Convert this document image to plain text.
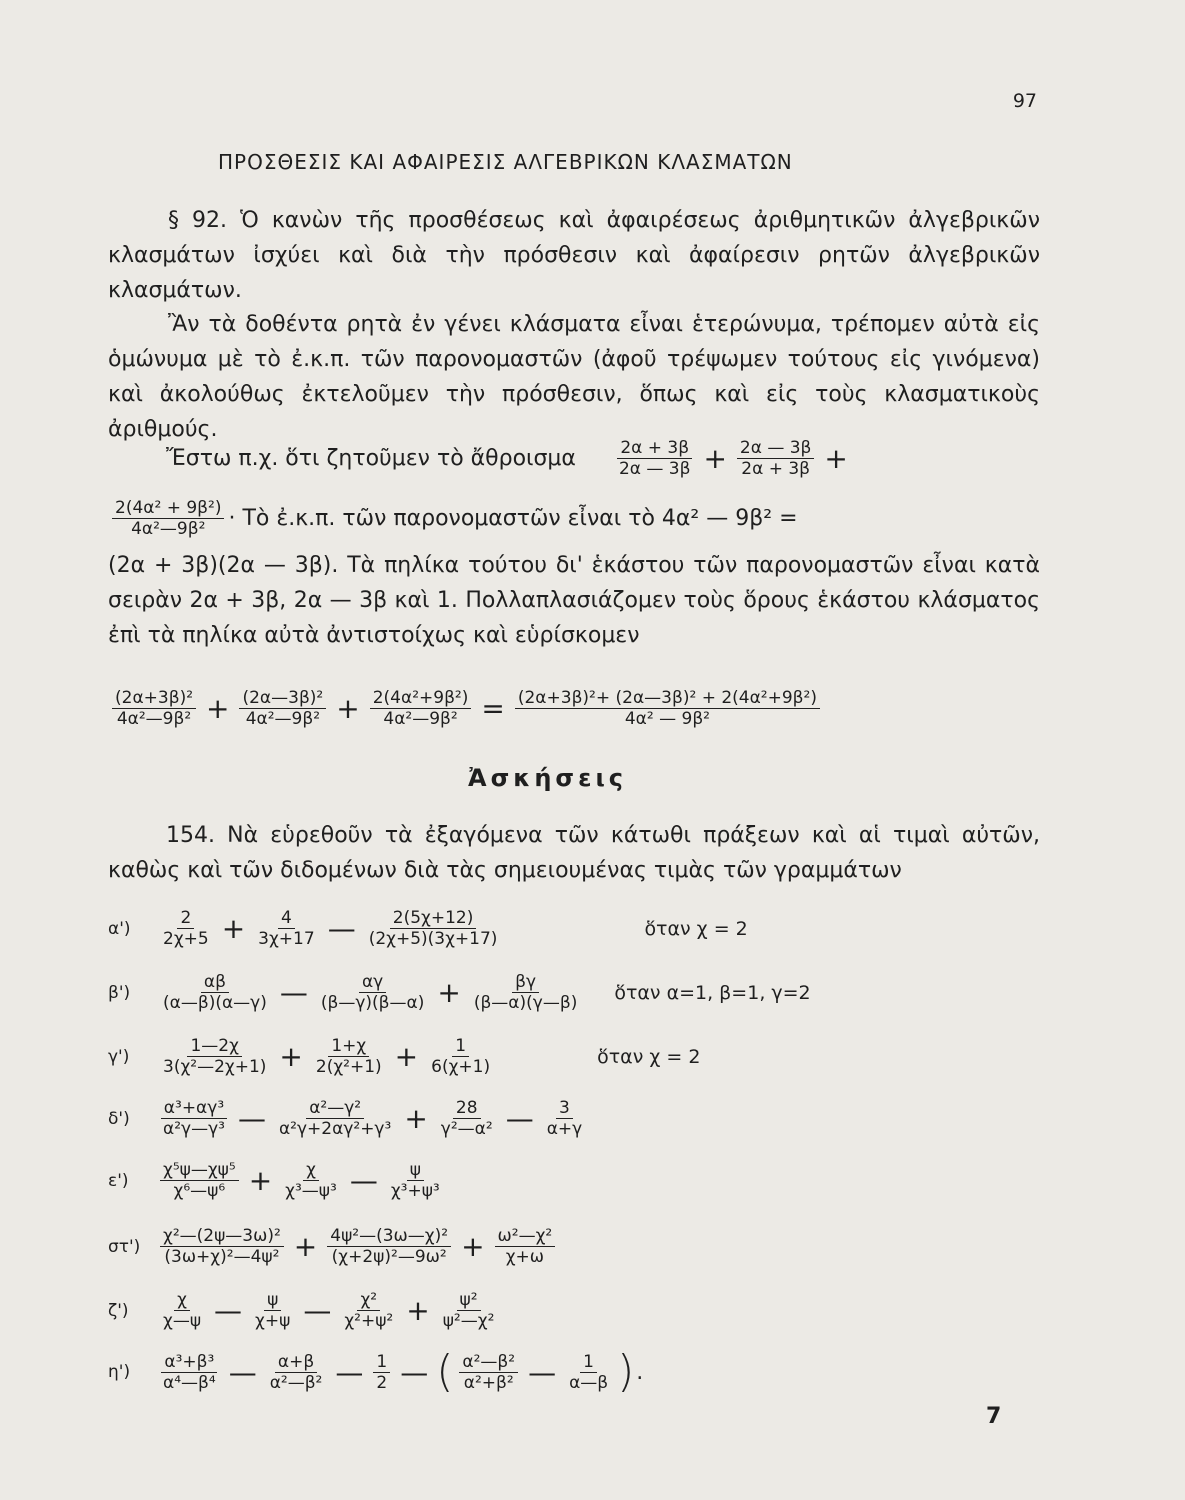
97
ΠΡΟΣΘΕΣΙΣ ΚΑΙ ΑΦΑΙΡΕΣΙΣ ΑΛΓΕΒΡΙΚΩΝ ΚΛΑΣΜΑΤΩΝ
§ 92. Ὁ κανὼν τῆς προσθέσεως καὶ ἀφαιρέσεως ἀριθμητικῶν ἀλγεβρικῶν κλασμάτων ἰσχύει καὶ διὰ τὴν πρόσθεσιν καὶ ἀφαίρεσιν ρητῶν ἀλγεβρικῶν κλασμάτων.
Ἂν τὰ δοθέντα ρητὰ ἐν γένει κλάσματα εἶναι ἑτερώνυμα, τρέπομεν αὐτὰ εἰς ὁμώνυμα μὲ τὸ ἐ.κ.π. τῶν παρονομαστῶν (ἀφοῦ τρέψωμεν τούτους εἰς γινόμενα) καὶ ἀκολούθως ἐκτελοῦμεν τὴν πρόσθεσιν, ὅπως καὶ εἰς τοὺς κλασματικοὺς ἀριθμούς.
Ἔστω π.χ. ὅτι ζητοῦμεν τὸ ἄθροισμα $\frac{2\alpha + 3\beta}{2\alpha — 3\beta} + \frac{2\alpha — 3\beta}{2\alpha + 3\beta}$ +
$\frac{\text{2(4α² + 9β²)}}{\text{4α²—9β²}}$ · Τὸ ἐ.κ.π. τῶν παρονομαστῶν εἶναι τὸ 4α² — 9β² =
(2α + 3β)(2α — 3β). Τὰ πηλίκα τούτου δι' ἑκάστου τῶν παρονομαστῶν εἶναι κατὰ σειρὰν 2α + 3β, 2α — 3β καὶ 1. Πολλαπλασιάζομεν τοὺς ὅρους ἑκάστου κλάσματος ἐπὶ τὰ πηλίκα αὐτὰ ἀντιστοίχως καὶ εὑρίσκομεν
$\frac{\text{(2α+3β)²}}{\text{4α²—9β²}} + \frac{\text{(2α—3β)²}}{\text{4α²—9β²}} + \frac{\text{2(4α²+9β²)}}{\text{4α²—9β²}} = \frac{\text{(2α+3β)²+ (2α—3β)² + 2(4α²+9β²)}}{\text{4α² — 9β²}}$
Ἀσκήσεις
154. Νὰ εὑρεθοῦν τὰ ἐξαγόμενα τῶν κάτωθι πράξεων καὶ αἱ τιμαὶ αὐτῶν, καθὼς καὶ τῶν διδομένων διὰ τὰς σημειουμένας τιμὰς τῶν γραμμάτων
α')	$\frac{2}{2\chi+5} + \frac{4}{3\chi+17}$ — $\frac{2(5\chi+12)}{(2\chi+5)(3\chi+17)}$	ὅταν χ = 2
β')	$\frac{\alpha\beta}{(\alpha—\beta)(\alpha—\gamma)}$ — $\frac{\alpha\gamma}{(\beta—\gamma)(\beta—\alpha)} + \frac{\beta\gamma}{(\beta—\alpha)(\gamma—\beta)}$ ὅταν α=1, β=1, γ=2
γ')	$\frac{1—2\chi}{\text{3(χ²—2χ+1)}} + \frac{1+\chi}{\text{2(χ²+1)}} + \frac{1}{6(\chi+1)}$	ὅταν χ = 2
δ')	$\frac{\text{α³+αγ³}}{\text{α²γ—γ³}}$ — $\frac{\text{α²—γ²}}{\text{α²γ+2αγ²+γ³}} + \frac{28}{\text{γ²—α²}}$ — $\frac{3}{\alpha+\gamma}$
ε')	$\frac{\text{χ⁵ψ—χψ⁵}}{\text{χ⁶—ψ⁶}} + \frac{\chi}{\text{χ³—ψ³}}$ — $\frac{\psi}{\text{χ³+ψ³}}$
στ')	$\frac{\text{χ²—(2ψ—3ω)²}}{\text{(3ω+χ)²—4ψ²}} + \frac{\text{4ψ²—(3ω—χ)²}}{\text{(χ+2ψ)²—9ω²}} + \frac{\text{ω²—χ²}}{\chi+\omega}$
ζ')	$\frac{\chi}{\chi—\psi}$ — $\frac{\psi}{\chi+\psi}$ — $\frac{\text{χ²}}{\text{χ²+ψ²}} + \frac{\text{ψ²}}{\text{ψ²—χ²}}$
η')	$\frac{\text{α³+β³}}{\text{α⁴—β⁴}}$ — $\frac{\alpha+\beta}{\text{α²—β²}}$ — $\frac{1}{2}$ — ( $\frac{\text{α²—β²}}{\text{α²+β²}}$ — $\frac{1}{\alpha—\beta}$ ) .
7
